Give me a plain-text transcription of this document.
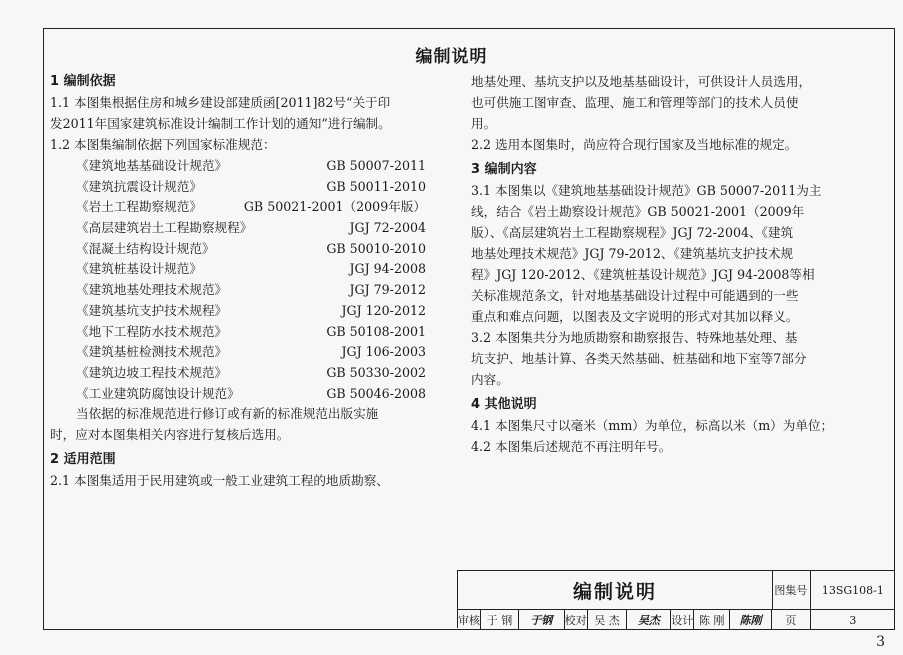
编制说明
1 编制依据
1.1 本图集根据住房和城乡建设部建质函[2011]82号“关于印
发2011年国家建筑标准设计编制工作计划的通知”进行编制。
1.2 本图集编制依据下列国家标准规范：
《建筑地基基础设计规范》	GB 50007-2011
《建筑抗震设计规范》	GB 50011-2010
《岩土工程勘察规范》	GB 50021-2001（2009年版）
《高层建筑岩土工程勘察规程》	JGJ 72-2004
《混凝土结构设计规范》	GB 50010-2010
《建筑桩基设计规范》	JGJ 94-2008
《建筑地基处理技术规范》	JGJ 79-2012
《建筑基坑支护技术规程》	JGJ 120-2012
《地下工程防水技术规范》	GB 50108-2001
《建筑基桩检测技术规范》	JGJ 106-2003
《建筑边坡工程技术规范》	GB 50330-2002
《工业建筑防腐蚀设计规范》	GB 50046-2008
当依据的标准规范进行修订或有新的标准规范出版实施
时，应对本图集相关内容进行复核后选用。
2 适用范围
2.1 本图集适用于民用建筑或一般工业建筑工程的地质勘察、
地基处理、基坑支护以及地基基础设计，可供设计人员选用，
也可供施工图审查、监理、施工和管理等部门的技术人员使
用。
2.2 选用本图集时，尚应符合现行国家及当地标准的规定。
3 编制内容
3.1 本图集以《建筑地基基础设计规范》GB 50007-2011为主
线，结合《岩土勘察设计规范》GB 50021-2001（2009年
版）、《高层建筑岩土工程勘察规程》JGJ 72-2004、《建筑
地基处理技术规范》JGJ 79-2012、《建筑基坑支护技术规
程》JGJ 120-2012、《建筑桩基设计规范》JGJ 94-2008等相
关标准规范条文，针对地基基础设计过程中可能遇到的一些
重点和难点问题，以图表及文字说明的形式对其加以释义。
3.2 本图集共分为地质勘察和勘察报告、特殊地基处理、基
坑支护、地基计算、各类天然基础、桩基础和地下室等7部分
内容。
4 其他说明
4.1 本图集尺寸以毫米（mm）为单位，标高以米（m）为单位；
4.2 本图集后述规范不再注明年号。
编制说明
审核 于 钢	于钢	校对 吴 杰	吴杰	设计 陈 刚	陈刚
图集号	13SG108-1
页	3
3
